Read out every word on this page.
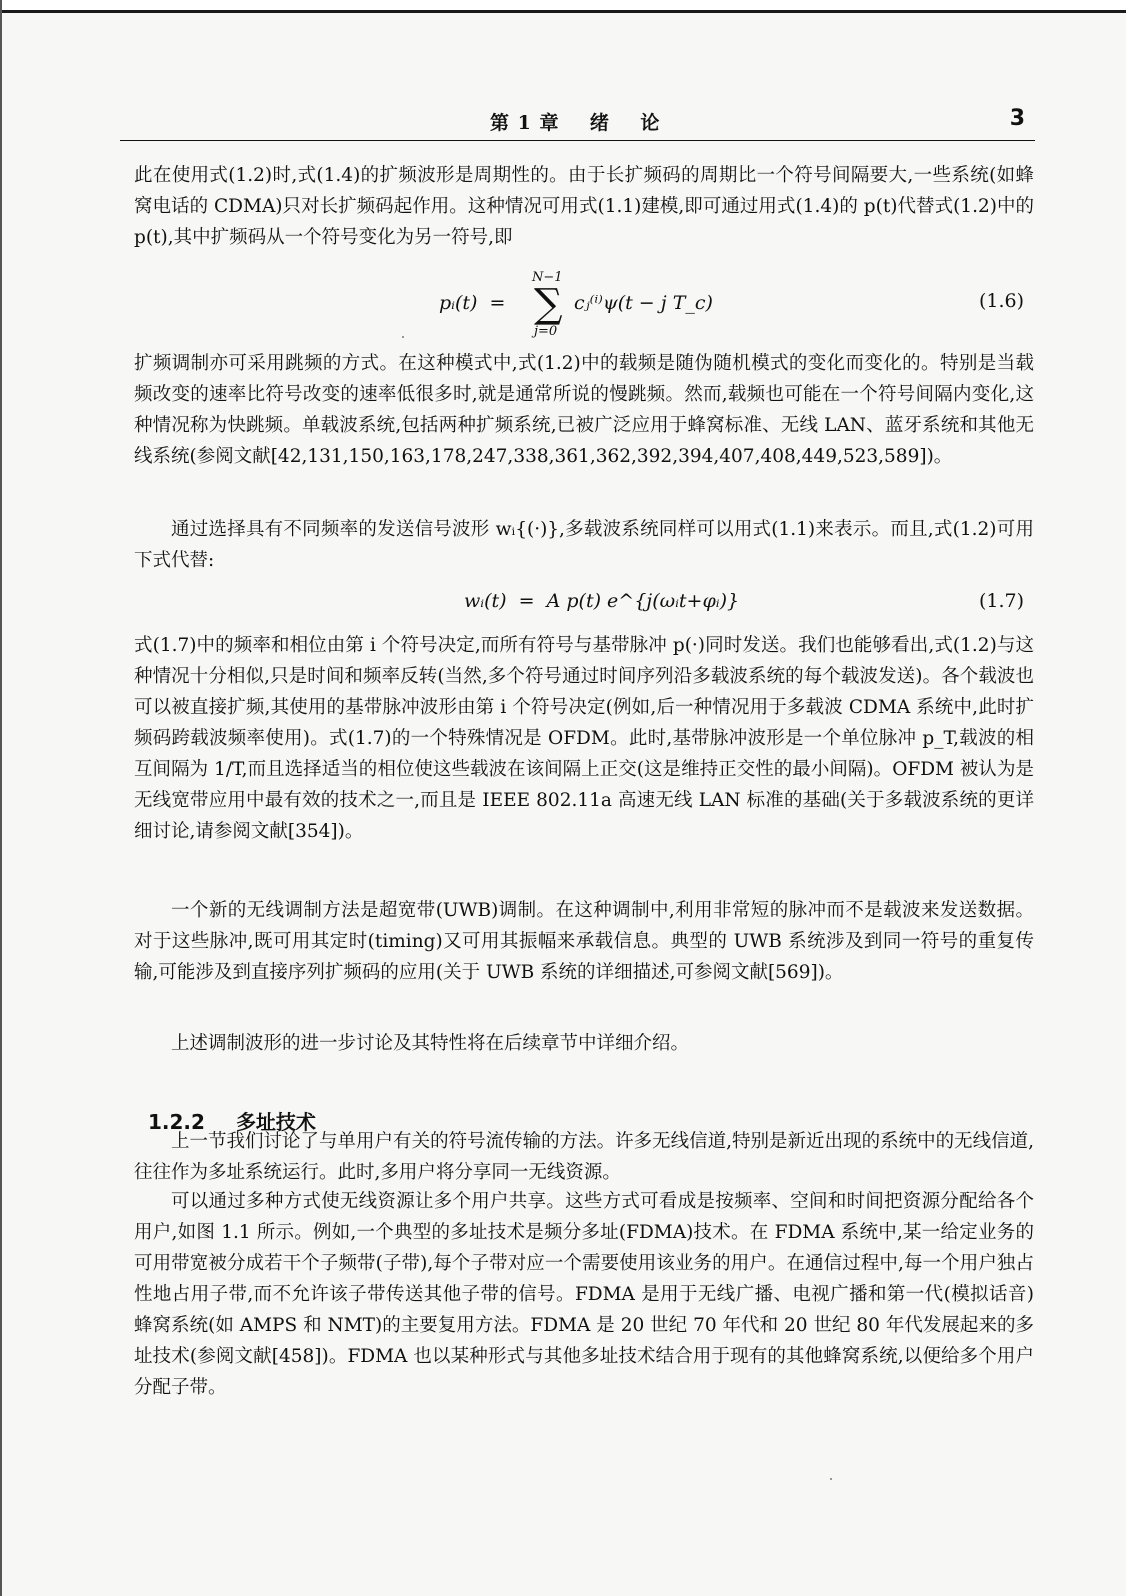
第 1 章    绪    论	3

此在使用式(1.2)时,式(1.4)的扩频波形是周期性的。由于长扩频码的周期比一个符号间隔要大,一些系统(如蜂窝电话的 CDMA)只对长扩频码起作用。这种情况可用式(1.1)建模,即可通过用式(1.4)的 p(t)代替式(1.2)中的 p(t),其中扩频码从一个符号变化为另一符号,即

pᵢ(t)  =
N−1
∑
j=0
cⱼ⁽ⁱ⁾ψ(t − j T_c)	(1.6)

扩频调制亦可采用跳频的方式。在这种模式中,式(1.2)中的载频是随伪随机模式的变化而变化的。特别是当载频改变的速率比符号改变的速率低很多时,就是通常所说的慢跳频。然而,载频也可能在一个符号间隔内变化,这种情况称为快跳频。单载波系统,包括两种扩频系统,已被广泛应用于蜂窝标准、无线 LAN、蓝牙系统和其他无线系统(参阅文献[42,131,150,163,178,247,338,361,362,392,394,407,408,449,523,589])。

通过选择具有不同频率的发送信号波形 wᵢ{(·)},多载波系统同样可以用式(1.1)来表示。而且,式(1.2)可用下式代替:

wᵢ(t)  =  A p(t) e^{j(ωᵢt+φᵢ)}	(1.7)

式(1.7)中的频率和相位由第 i 个符号决定,而所有符号与基带脉冲 p(·)同时发送。我们也能够看出,式(1.2)与这种情况十分相似,只是时间和频率反转(当然,多个符号通过时间序列沿多载波系统的每个载波发送)。各个载波也可以被直接扩频,其使用的基带脉冲波形由第 i 个符号决定(例如,后一种情况用于多载波 CDMA 系统中,此时扩频码跨载波频率使用)。式(1.7)的一个特殊情况是 OFDM。此时,基带脉冲波形是一个单位脉冲 p_T,载波的相互间隔为 1/T,而且选择适当的相位使这些载波在该间隔上正交(这是维持正交性的最小间隔)。OFDM 被认为是无线宽带应用中最有效的技术之一,而且是 IEEE 802.11a 高速无线 LAN 标准的基础(关于多载波系统的更详细讨论,请参阅文献[354])。

一个新的无线调制方法是超宽带(UWB)调制。在这种调制中,利用非常短的脉冲而不是载波来发送数据。对于这些脉冲,既可用其定时(timing)又可用其振幅来承载信息。典型的 UWB 系统涉及到同一符号的重复传输,可能涉及到直接序列扩频码的应用(关于 UWB 系统的详细描述,可参阅文献[569])。

上述调制波形的进一步讨论及其特性将在后续章节中详细介绍。

1.2.2 多址技术

上一节我们讨论了与单用户有关的符号流传输的方法。许多无线信道,特别是新近出现的系统中的无线信道,往往作为多址系统运行。此时,多用户将分享同一无线资源。

可以通过多种方式使无线资源让多个用户共享。这些方式可看成是按频率、空间和时间把资源分配给各个用户,如图 1.1 所示。例如,一个典型的多址技术是频分多址(FDMA)技术。在 FDMA 系统中,某一给定业务的可用带宽被分成若干个子频带(子带),每个子带对应一个需要使用该业务的用户。在通信过程中,每一个用户独占性地占用子带,而不允许该子带传送其他子带的信号。FDMA 是用于无线广播、电视广播和第一代(模拟话音)蜂窝系统(如 AMPS 和 NMT)的主要复用方法。FDMA 是 20 世纪 70 年代和 20 世纪 80 年代发展起来的多址技术(参阅文献[458])。FDMA 也以某种形式与其他多址技术结合用于现有的其他蜂窝系统,以便给多个用户分配子带。
